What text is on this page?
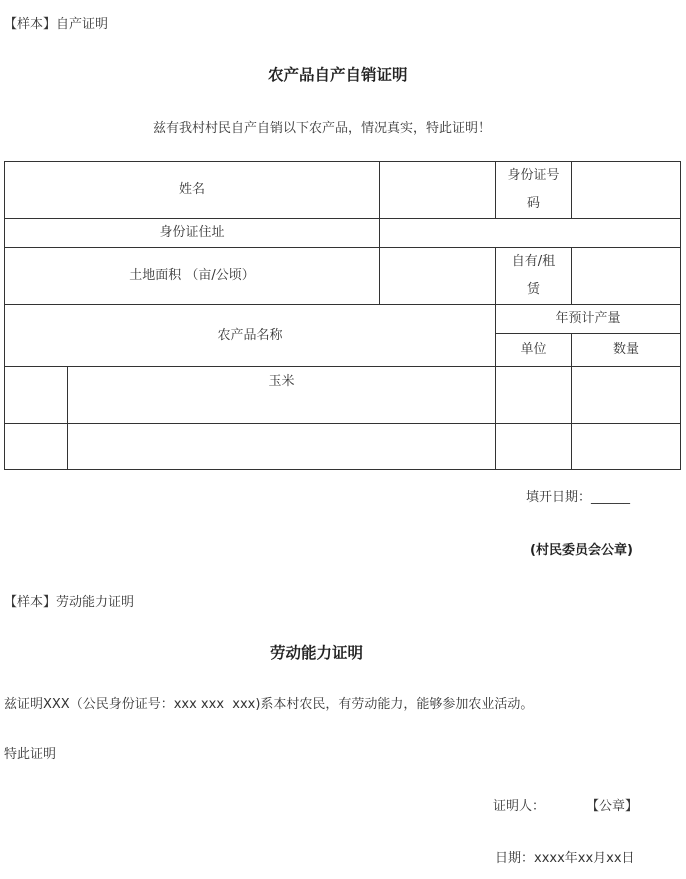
【样本】自产证明
农产品自产自销证明
兹有我村村民自产自销以下农产品，情况真实，特此证明！
姓名			身份证号
码	

身份证住址				
土地面积 （亩/公顷）			自有/租
赁	

农产品名称			年预计产量	
			单位	数量
	玉米			

填开日期：______
(村民委员会公章)
【样本】劳动能力证明
劳动能力证明
兹证明XXX（公民身份证号：xxx xxx  xxx)系本村农民，有劳动能力，能够参加农业活动。
特此证明
证明人：	【公章】
日期：xxxx年xx月xx日
